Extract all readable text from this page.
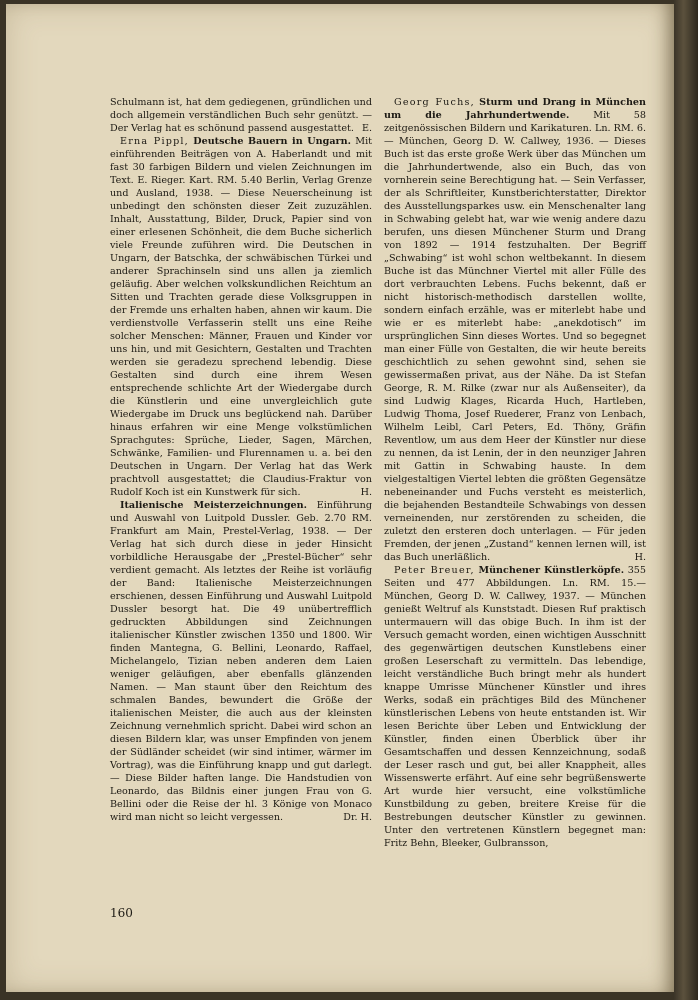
Schulmann ist, hat dem gediegenen, gründlichen und doch allgemein verständlichen Buch sehr genützt. — Der Verlag hat es schönund passend ausgestattet. E.

Erna Pippl, Deutsche Bauern in Ungarn. Mit einführenden Beiträgen von A. Haberlandt und mit fast 30 farbigen Bildern und vielen Zeichnungen im Text. E. Rieger. Kart. RM. 5.40 Berlin, Verlag Grenze und Ausland, 1938. — Diese Neuerscheinung ist unbedingt den schönsten dieser Zeit zuzuzählen. Inhalt, Ausstattung, Bilder, Druck, Papier sind von einer erlesenen Schönheit, die dem Buche sicherlich viele Freunde zuführen wird. Die Deutschen in Ungarn, der Batschka, der schwäbischen Türkei und anderer Sprachinseln sind uns allen ja ziemlich geläufig. Aber welchen volkskundlichen Reichtum an Sitten und Trachten gerade diese Volksgruppen in der Fremde uns erhalten haben, ahnen wir kaum. Die verdienstvolle Verfasserin stellt uns eine Reihe solcher Menschen: Männer, Frauen und Kinder vor uns hin, und mit Gesichtern, Gestalten und Trachten werden sie geradezu sprechend lebendig. Diese Gestalten sind durch eine ihrem Wesen entsprechende schlichte Art der Wiedergabe durch die Künstlerin und eine unvergleichlich gute Wiedergabe im Druck uns beglückend nah. Darüber hinaus erfahren wir eine Menge volkstümlichen Sprachgutes: Sprüche, Lieder, Sagen, Märchen, Schwänke, Familien- und Flurennamen u. a. bei den Deutschen in Ungarn. Der Verlag hat das Werk prachtvoll ausgestattet; die Claudius-Fraktur von Rudolf Koch ist ein Kunstwerk für sich.	H.

Italienische Meisterzeichnungen. Einführung und Auswahl von Luitpold Dussler. Geb. 2.70 RM. Frankfurt am Main, Prestel-Verlag, 1938. — Der Verlag hat sich durch diese in jeder Hinsicht vorbildliche Herausgabe der „Prestel-Bücher“ sehr verdient gemacht. Als letztes der Reihe ist vorläufig der Band: Italienische Meisterzeichnungen erschienen, dessen Einführung und Auswahl Luitpold Dussler besorgt hat. Die 49 unübertrefflich gedruckten Abbildungen sind Zeichnungen italienischer Künstler zwischen 1350 und 1800. Wir finden Mantegna, G. Bellini, Leonardo, Raffael, Michelangelo, Tizian neben anderen dem Laien weniger geläufigen, aber ebenfalls glänzenden Namen. — Man staunt über den Reichtum des schmalen Bandes, bewundert die Größe der italienischen Meister, die auch aus der kleinsten Zeichnung vernehmlich spricht. Dabei wird schon an diesen Bildern klar, was unser Empfinden von jenem der Südländer scheidet (wir sind intimer, wärmer im Vortrag), was die Einführung knapp und gut darlegt. — Diese Bilder haften lange. Die Handstudien von Leonardo, das Bildnis einer jungen Frau von G. Bellini oder die Reise der hl. 3 Könige von Monaco wird man nicht so leicht vergessen.	Dr. H.

Georg Fuchs, Sturm und Drang in München um die Jahrhundertwende. Mit 58 zeitgenössischen Bildern und Karikaturen. Ln. RM. 6.— München, Georg D. W. Callwey, 1936. — Dieses Buch ist das erste große Werk über das München um die Jahrhundertwende, also ein Buch, das von vornherein seine Berechtigung hat. — Sein Verfasser, der als Schriftleiter, Kunstberichterstatter, Direktor des Ausstellungsparkes usw. ein Menschenalter lang in Schwabing gelebt hat, war wie wenig andere dazu berufen, uns diesen Münchener Sturm und Drang von 1892 — 1914 festzuhalten. Der Begriff „Schwabing“ ist wohl schon weltbekannt. In diesem Buche ist das Münchner Viertel mit aller Fülle des dort verbrauchten Lebens. Fuchs bekennt, daß er nicht historisch-methodisch darstellen wollte, sondern einfach erzähle, was er miterlebt habe und wie er es miterlebt habe: „anekdotisch“ im ursprünglichen Sinn dieses Wortes. Und so begegnet man einer Fülle von Gestalten, die wir heute bereits geschichtlich zu sehen gewohnt sind, sehen sie gewissermaßen privat, aus der Nähe. Da ist Stefan George, R. M. Rilke (zwar nur als Außenseiter), da sind Ludwig Klages, Ricarda Huch, Hartleben, Ludwig Thoma, Josef Ruederer, Franz von Lenbach, Wilhelm Leibl, Carl Peters, Ed. Thöny, Gräfin Reventlow, um aus dem Heer der Künstler nur diese zu nennen, da ist Lenin, der in den neunziger Jahren mit Gattin in Schwabing hauste. In dem vielgestaltigen Viertel lebten die größten Gegensätze nebeneinander und Fuchs versteht es meisterlich, die bejahenden Bestandteile Schwabings von dessen verneinenden, nur zerstörenden zu scheiden, die zuletzt den ersteren doch unterlagen. — Für jeden Fremden, der jenen „Zustand“ kennen lernen will, ist das Buch unerläßlich.	H.

Peter Breuer, Münchener Künstlerköpfe. 355 Seiten und 477 Abbildungen. Ln. RM. 15.— München, Georg D. W. Callwey, 1937. — München genießt Weltruf als Kunststadt. Diesen Ruf praktisch untermauern will das obige Buch. In ihm ist der Versuch gemacht worden, einen wichtigen Ausschnitt des gegenwärtigen deutschen Kunstlebens einer großen Leserschaft zu vermitteln. Das lebendige, leicht verständliche Buch bringt mehr als hundert knappe Umrisse Münchener Künstler und ihres Werks, sodaß ein prächtiges Bild des Münchener künstlerischen Lebens von heute entstanden ist. Wir lesen Berichte über Leben und Entwicklung der Künstler, finden einen Überblick über ihr Gesamtschaffen und dessen Kennzeichnung, sodaß der Leser rasch und gut, bei aller Knappheit, alles Wissenswerte erfährt. Auf eine sehr begrüßenswerte Art wurde hier versucht, eine volkstümliche Kunstbildung zu geben, breitere Kreise für die Bestrebungen deutscher Künstler zu gewinnen. Unter den vertretenen Künstlern begegnet man: Fritz Behn, Bleeker, Gulbransson,

160
